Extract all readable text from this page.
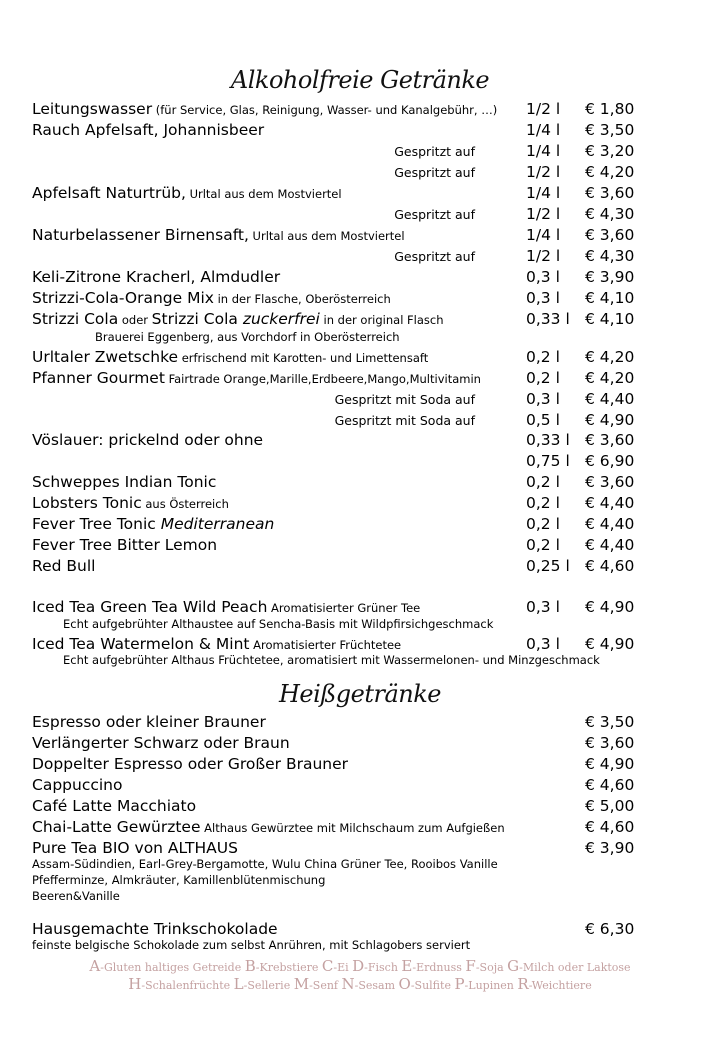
Alkoholfreie Getränke
Leitungswasser (für Service, Glas, Reinigung, Wasser- und Kanalgebühr, …) 1/2 l € 1,80
Rauch Apfelsaft, Johannisbeer	1/4 l € 3,50
Gespritzt auf	1/4 l € 3,20
Gespritzt auf	1/2 l € 4,20
Apfelsaft Naturtrüb, Urltal aus dem Mostviertel	1/4 l € 3,60
Gespritzt auf	1/2 l € 4,30
Naturbelassener Birnensaft, Urltal aus dem Mostviertel	1/4 l € 3,60
Gespritzt auf	1/2 l € 4,30
Keli-Zitrone Kracherl, Almdudler	0,3 l € 3,90
Strizzi-Cola-Orange Mix in der Flasche, Oberösterreich	0,3 l € 4,10
Strizzi Cola oder Strizzi Cola zuckerfrei in der original Flasch	0,33 l € 4,10
Brauerei Eggenberg, aus Vorchdorf in Oberösterreich
Urltaler Zwetschke erfrischend mit Karotten- und Limettensaft	0,2 l € 4,20
Pfanner Gourmet Fairtrade Orange,Marille,Erdbeere,Mango,Multivitamin	0,2 l € 4,20
Gespritzt mit Soda auf	0,3 l € 4,40
Gespritzt mit Soda auf	0,5 l € 4,90
Vöslauer: prickelnd oder ohne	0,33 l € 3,60
0,75 l € 6,90
Schweppes Indian Tonic	0,2 l € 3,60
Lobsters Tonic aus Österreich	0,2 l € 4,40
Fever Tree Tonic Mediterranean	0,2 l € 4,40
Fever Tree Bitter Lemon	0,2 l € 4,40
Red Bull	0,25 l € 4,60
Iced Tea Green Tea Wild Peach Aromatisierter Grüner Tee	0,3 l € 4,90
Echt aufgebrühter Althaustee auf Sencha-Basis mit Wildpfirsichgeschmack
Iced Tea Watermelon & Mint Aromatisierter Früchtetee	0,3 l € 4,90
Echt aufgebrühter Althaus Früchtetee, aromatisiert mit Wassermelonen- und Minzgeschmack
Heißgetränke
Espresso oder kleiner Brauner	€ 3,50
Verlängerter Schwarz oder Braun	€ 3,60
Doppelter Espresso oder Großer Brauner	€ 4,90
Cappuccino	€ 4,60
Café Latte Macchiato	€ 5,00
Chai-Latte Gewürztee Althaus Gewürztee mit Milchschaum zum Aufgießen	€ 4,60
Pure Tea BIO von ALTHAUS	€ 3,90
Assam-Südindien, Earl-Grey-Bergamotte, Wulu China Grüner Tee, Rooibos Vanille
Pfefferminze, Almkräuter, Kamillenblütenmischung
Beeren&Vanille
Hausgemachte Trinkschokolade	€ 6,30
feinste belgische Schokolade zum selbst Anrühren, mit Schlagobers serviert
A-Gluten haltiges Getreide B-Krebstiere C-Ei D-Fisch E-Erdnuss F-Soja G-Milch oder Laktose
H-Schalenfrüchte L-Sellerie M-Senf N-Sesam O-Sulfite P-Lupinen R-Weichtiere
